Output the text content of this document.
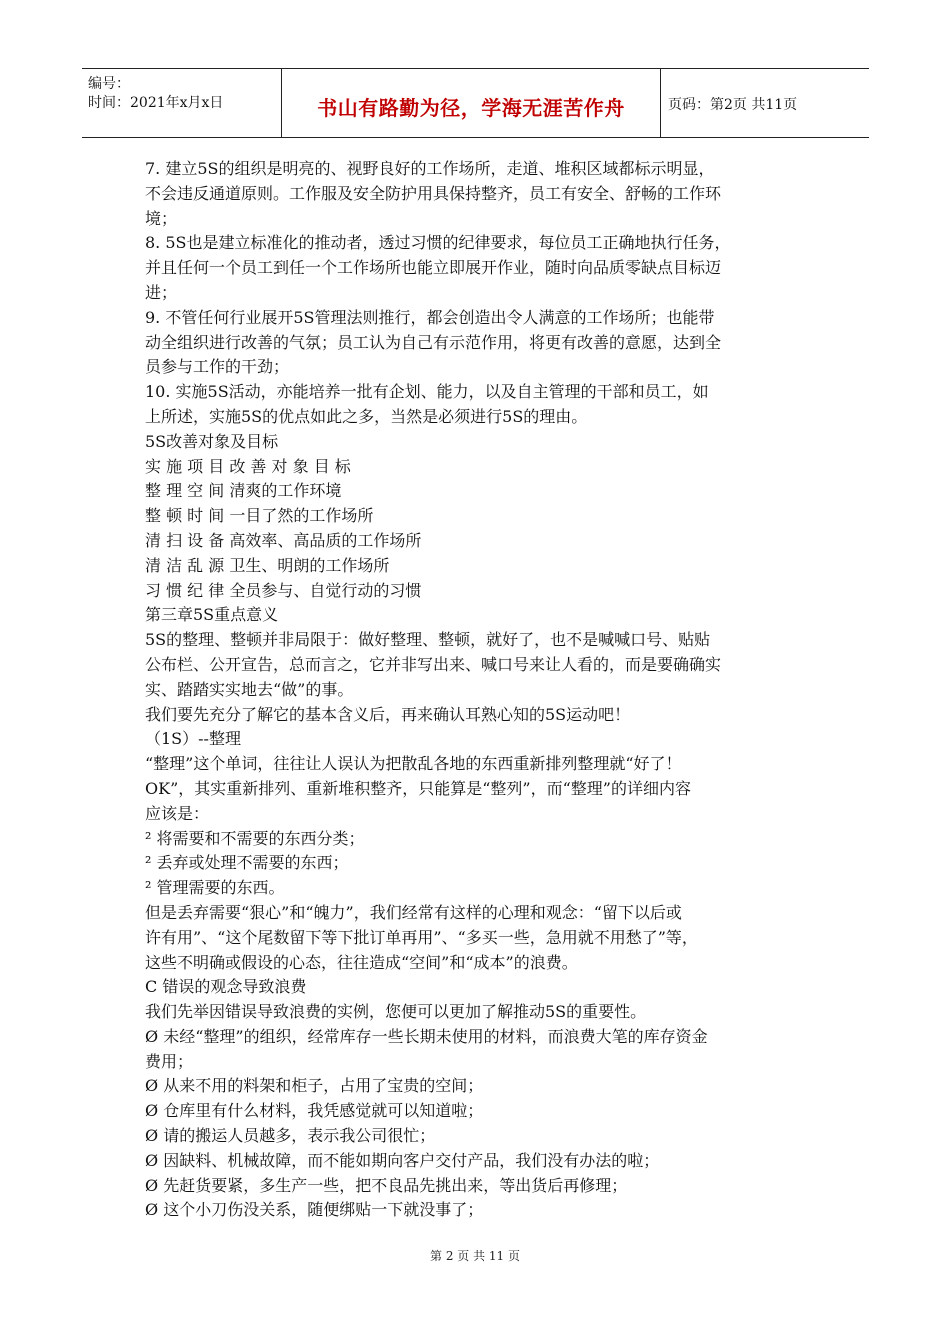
编号：
时间：2021年x月x日	书山有路勤为径，学海无涯苦作舟	页码：第2页 共11页

7. 建立5S的组织是明亮的、视野良好的工作场所，走道、堆积区域都标示明显，

不会违反通道原则。工作服及安全防护用具保持整齐，员工有安全、舒畅的工作环

境；

8. 5S也是建立标准化的推动者，透过习惯的纪律要求，每位员工正确地执行任务，

并且任何一个员工到任一个工作场所也能立即展开作业，随时向品质零缺点目标迈

进；

9. 不管任何行业展开5S管理法则推行，都会创造出令人满意的工作场所；也能带

动全组织进行改善的气氛；员工认为自己有示范作用，将更有改善的意愿，达到全

员参与工作的干劲；

10. 实施5S活动，亦能培养一批有企划、能力，以及自主管理的干部和员工，如

上所述，实施5S的优点如此之多，当然是必须进行5S的理由。

5S改善对象及目标

实 施 项 目 改 善 对 象 目 标

整 理 空 间 清爽的工作环境

整 顿 时 间 一目了然的工作场所

清 扫 设 备 高效率、高品质的工作场所

清 洁 乱 源 卫生、明朗的工作场所

习 惯 纪 律 全员参与、自觉行动的习惯

第三章5S重点意义

5S的整理、整顿并非局限于：做好整理、整顿，就好了，也不是喊喊口号、贴贴

公布栏、公开宣告，总而言之，它并非写出来、喊口号来让人看的，而是要确确实

实、踏踏实实地去“做”的事。

我们要先充分了解它的基本含义后，再来确认耳熟心知的5S运动吧！

（1S）--整理

“整理”这个单词，往往让人误认为把散乱各地的东西重新排列整理就“好了！

OK”，其实重新排列、重新堆积整齐，只能算是“整列”，而“整理”的详细内容

应该是：

² 将需要和不需要的东西分类；

² 丢弃或处理不需要的东西；

² 管理需要的东西。

但是丢弃需要“狠心”和“魄力”，我们经常有这样的心理和观念：“留下以后或

许有用”、“这个尾数留下等下批订单再用”、“多买一些，急用就不用愁了”等，

这些不明确或假设的心态，往往造成“空间”和“成本”的浪费。

C 错误的观念导致浪费

我们先举因错误导致浪费的实例，您便可以更加了解推动5S的重要性。

Ø 未经“整理”的组织，经常库存一些长期未使用的材料，而浪费大笔的库存资金

费用；

Ø 从来不用的料架和柜子，占用了宝贵的空间；

Ø 仓库里有什么材料，我凭感觉就可以知道啦；

Ø 请的搬运人员越多，表示我公司很忙；

Ø 因缺料、机械故障，而不能如期向客户交付产品，我们没有办法的啦；

Ø 先赶货要紧，多生产一些，把不良品先挑出来，等出货后再修理；

Ø 这个小刀伤没关系，随便绑贴一下就没事了；

第 2 页 共 11 页
